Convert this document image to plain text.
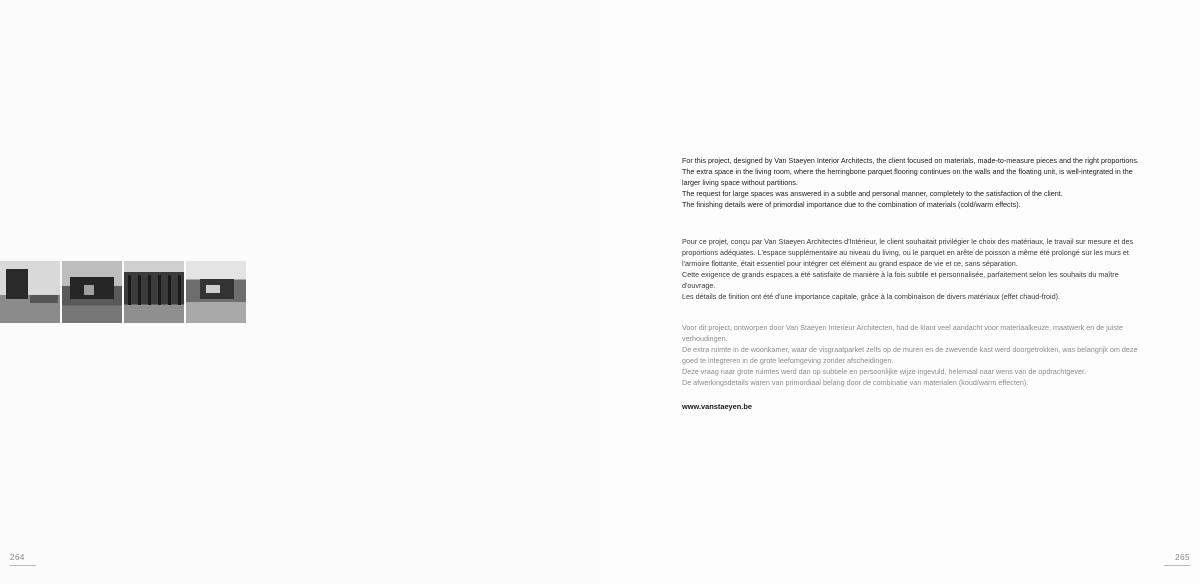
264	265

For this project, designed by Van Staeyen Interior Architects, the client focused on materials, made-to-measure pieces and the right proportions.
The extra space in the living room, where the herringbone parquet flooring continues on the walls and the floating unit, is well-integrated in the larger living space without partitions.
The request for large spaces was answered in a subtle and personal manner, completely to the satisfaction of the client.
The finishing details were of primordial importance due to the combination of materials (cold/warm effects).

Pour ce projet, conçu par Van Staeyen Architectes d'Intérieur, le client souhaitait privilégier le choix des matériaux, le travail sur mesure et des proportions adéquates. L'espace supplémentaire au niveau du living, ou le parquet en arête de poisson a même été prolongé sur les murs et l'armoire flottante, était essentiel pour intégrer cet élément au grand espace de vie et ce, sans séparation.
Cette exigence de grands espaces a été satisfaite de manière à la fois subtile et personnalisée, parfaitement selon les souhaits du maître d'ouvrage.
Les détails de finition ont été d'une importance capitale, grâce à la combinaison de divers matériaux (effet chaud-froid).

Voor dit project, ontworpen door Van Staeyen Interieur Architecten, had de klant veel aandacht voor materiaalkeuze, maatwerk en de juiste verhoudingen.
De extra ruimte in de woonkamer, waar de visgraatparket zelfs op de muren en de zwevende kast werd doorgetrokken, was belangrijk om deze goed te integreren in de grote leefomgeving zonder afscheidingen.
Deze vraag naar grote ruimtes werd dan op subtiele en persoonlijke wijze ingevuld, helemaal naar wens van de opdrachtgever.
De afwerkingsdetails waren van primordiaal belang door de combinatie van materialen (koud/warm effecten).

www.vanstaeyen.be
